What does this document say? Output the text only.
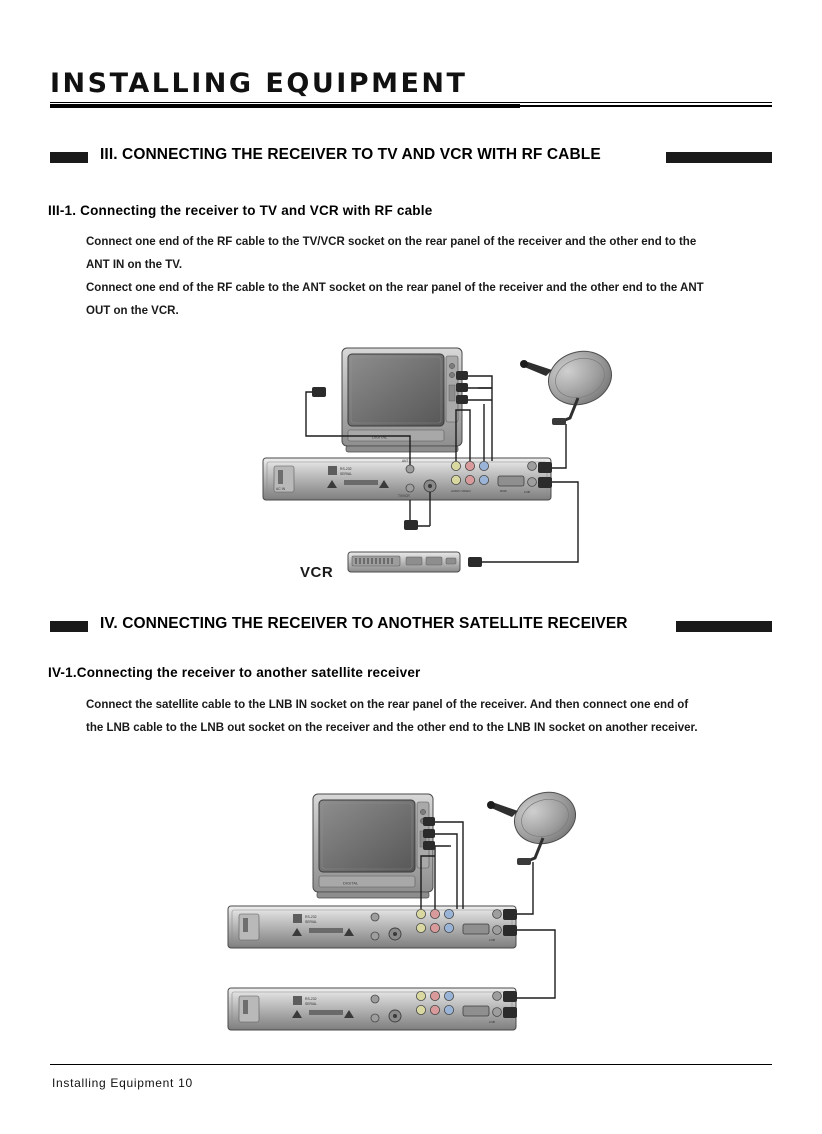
INSTALLING EQUIPMENT
III. CONNECTING THE RECEIVER TO TV AND VCR WITH RF CABLE
III-1. Connecting the receiver to TV and VCR with RF cable

Connect one end of the RF cable to the TV/VCR socket on the rear panel of the receiver and the other end to the ANT IN on the TV.

Connect one end of the RF cable to the ANT socket on the rear panel of the receiver and the other end to the ANT OUT on the VCR.

DIGITAL
AC IN
RS-232
SERIAL
ANT
TV/VCR
AUDIO VIDEO	RGB	LNB
VCR
IV. CONNECTING THE RECEIVER TO ANOTHER SATELLITE RECEIVER
IV-1.Connecting the receiver to another satellite receiver

Connect the satellite cable to the LNB IN socket on the rear panel of the receiver. And then connect one end of the LNB cable to the LNB out socket on the receiver and the other end to the LNB IN socket on another receiver.

DIGITAL
RS-232
SERIAL
LNB
RS-232
SERIAL
LNB
Installing Equipment 10
